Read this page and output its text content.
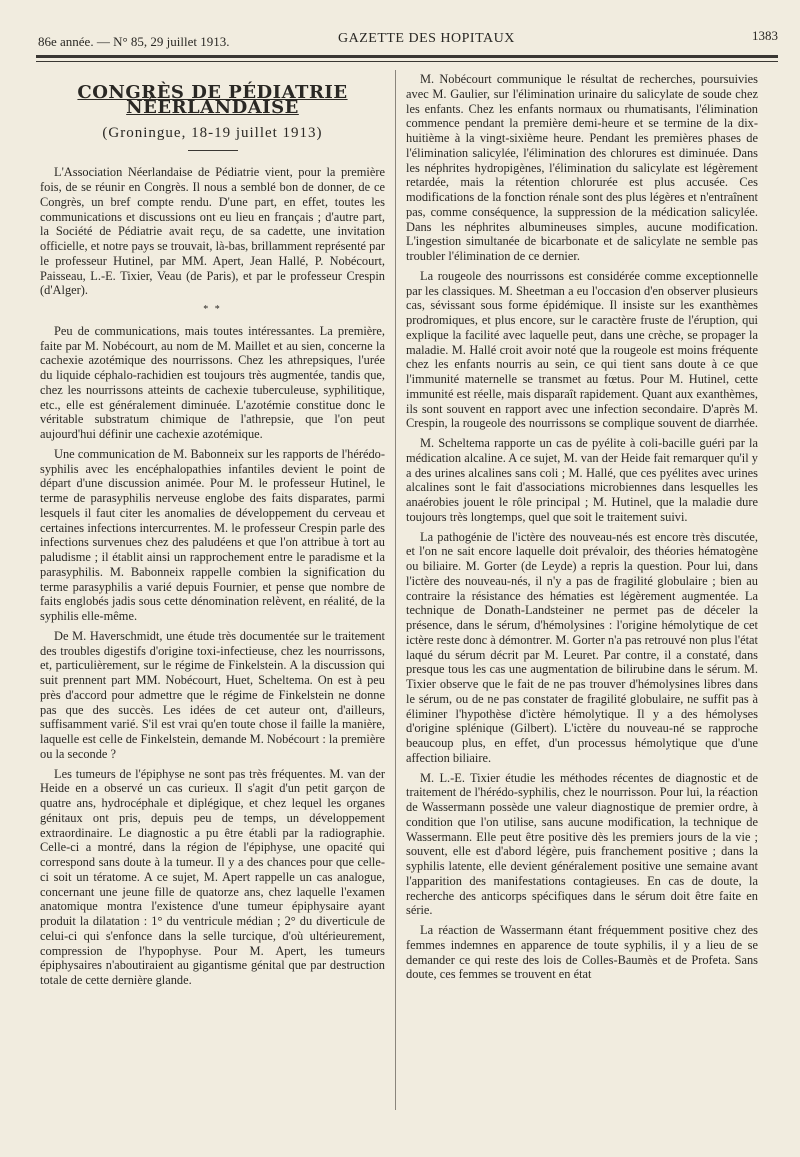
86e année. — N° 85, 29 juillet 1913.	GAZETTE DES HOPITAUX	1383
CONGRÈS DE PÉDIATRIE NÉERLANDAISE
(Groningue, 18-19 juillet 1913)

L'Association Néerlandaise de Pédiatrie vient, pour la première fois, de se réunir en Congrès. Il nous a semblé bon de donner, de ce Congrès, un bref compte rendu. D'une part, en effet, toutes les communications et discussions ont eu lieu en français ; d'autre part, la Société de Pédiatrie avait reçu, de sa cadette, une invitation officielle, et notre pays se trouvait, là-bas, brillamment représenté par le professeur Hutinel, par MM. Apert, Jean Hallé, P. Nobécourt, Paisseau, L.-E. Tixier, Veau (de Paris), et par le professeur Crespin (d'Alger).

* *

Peu de communications, mais toutes intéressantes. La première, faite par M. Nobécourt, au nom de M. Maillet et au sien, concerne la cachexie azotémique des nourrissons. Chez les athrepsiques, l'urée du liquide céphalo-rachidien est toujours très augmentée, tandis que, chez les nourrissons atteints de cachexie tuberculeuse, syphilitique, etc., elle est généralement diminuée. L'azotémie constitue donc le véritable substratum chimique de l'athrepsie, que l'on peut aujourd'hui définir une cachexie azotémique.

Une communication de M. Babonneix sur les rapports de l'hérédo-syphilis avec les encéphalopathies infantiles devient le point de départ d'une discussion animée. Pour M. le professeur Hutinel, le terme de parasyphilis nerveuse englobe des faits disparates, parmi lesquels il faut citer les anomalies de développement du cerveau et certaines infections intercurrentes. M. le professeur Crespin parle des infections survenues chez des paludéens et que l'on attribue à tort au paludisme ; il établit ainsi un rapprochement entre le paradisme et la parasyphilis. M. Babonneix rappelle combien la signification du terme parasyphilis a varié depuis Fournier, et pense que nombre de faits englobés jadis sous cette dénomination relèvent, en réalité, de la syphilis elle-même.

De M. Haverschmidt, une étude très documentée sur le traitement des troubles digestifs d'origine toxi-infectieuse, chez les nourrissons, et, particulièrement, sur le régime de Finkelstein. A la discussion qui suit prennent part MM. Nobécourt, Huet, Scheltema. On est à peu près d'accord pour admettre que le régime de Finkelstein ne donne pas que des succès. Les idées de cet auteur ont, d'ailleurs, suffisamment varié. S'il est vrai qu'en toute chose il faille la manière, laquelle est celle de Finkelstein, demande M. Nobécourt : la première ou la seconde ?

Les tumeurs de l'épiphyse ne sont pas très fréquentes. M. van der Heide en a observé un cas curieux. Il s'agit d'un petit garçon de quatre ans, hydrocéphale et diplégique, et chez lequel les organes génitaux ont pris, depuis peu de temps, un développement extraordinaire. Le diagnostic a pu être établi par la radiographie. Celle-ci a montré, dans la région de l'épiphyse, une opacité qui correspond sans doute à la tumeur. Il y a des chances pour que celle-ci soit un tératome. A ce sujet, M. Apert rappelle un cas analogue, concernant une jeune fille de quatorze ans, chez laquelle l'examen anatomique montra l'existence d'une tumeur épiphysaire ayant produit la dilatation : 1° du ventricule médian ; 2° du diverticule de celui-ci qui s'enfonce dans la selle turcique, d'où ultérieurement, compression de l'hypophyse. Pour M. Apert, les tumeurs épiphysaires n'aboutiraient au gigantisme génital que par destruction totale de cette dernière glande.

M. Nobécourt communique le résultat de recherches, poursuivies avec M. Gaulier, sur l'élimination urinaire du salicylate de soude chez les enfants. Chez les enfants normaux ou rhumatisants, l'élimination commence pendant la première demi-heure et se termine de la dix-huitième à la vingt-sixième heure. Pendant les premières phases de l'élimination salicylée, l'élimination des chlorures est diminuée. Dans les néphrites hydropigènes, l'élimination du salicylate est légèrement retardée, mais la rétention chlorurée est plus accusée. Ces modifications de la fonction rénale sont des plus légères et n'entraînent pas, comme conséquence, la suppression de la médication salicylée. Dans les néphrites albumineuses simples, aucune modification. L'ingestion simultanée de bicarbonate et de salicylate ne semble pas troubler l'élimination de ce dernier.

La rougeole des nourrissons est considérée comme exceptionnelle par les classiques. M. Sheetman a eu l'occasion d'en observer plusieurs cas, sévissant sous forme épidémique. Il insiste sur les exanthèmes prodromiques, et plus encore, sur le caractère fruste de l'éruption, qui explique la facilité avec laquelle peut, dans une crèche, se propager la maladie. M. Hallé croit avoir noté que la rougeole est moins fréquente chez les enfants nourris au sein, ce qui tient sans doute à ce que l'immunité maternelle se transmet au fœtus. Pour M. Hutinel, cette immunité est réelle, mais disparaît rapidement. Quant aux exanthèmes, ils sont souvent en rapport avec une infection secondaire. D'après M. Crespin, la rougeole des nourrissons se complique souvent de diarrhée.

M. Scheltema rapporte un cas de pyélite à coli-bacille guéri par la médication alcaline. A ce sujet, M. van der Heide fait remarquer qu'il y a des urines alcalines sans coli ; M. Hallé, que ces pyélites avec urines alcalines sont le fait d'associations microbiennes dans lesquelles les anaérobies jouent le rôle principal ; M. Hutinel, que la maladie dure toujours très longtemps, quel que soit le traitement suivi.

La pathogénie de l'ictère des nouveau-nés est encore très discutée, et l'on ne sait encore laquelle doit prévaloir, des théories hématogène ou biliaire. M. Gorter (de Leyde) a repris la question. Pour lui, dans l'ictère des nouveau-nés, il n'y a pas de fragilité globulaire ; bien au contraire la résistance des hématies est légèrement augmentée. La technique de Donath-Landsteiner ne permet pas de déceler la présence, dans le sérum, d'hémolysines : l'origine hémolytique de cet ictère reste donc à démontrer. M. Gorter n'a pas retrouvé non plus l'état laqué du sérum décrit par M. Leuret. Par contre, il a constaté, dans presque tous les cas une augmentation de bilirubine dans le sérum. M. Tixier observe que le fait de ne pas trouver d'hémolysines libres dans le sérum, ou de ne pas constater de fragilité globulaire, ne suffit pas à éliminer l'hypothèse d'ictère hémolytique. Il y a des hémolyses d'origine splénique (Gilbert). L'ictère du nouveau-né se rapproche beaucoup plus, en effet, d'un processus hémolytique que d'une affection biliaire.

M. L.-E. Tixier étudie les méthodes récentes de diagnostic et de traitement de l'hérédo-syphilis, chez le nourrisson. Pour lui, la réaction de Wassermann possède une valeur diagnostique de premier ordre, à condition que l'on utilise, sans aucune modification, la technique de Wassermann. Elle peut être positive dès les premiers jours de la vie ; souvent, elle est d'abord légère, puis franchement positive ; dans la syphilis latente, elle devient généralement positive une semaine avant l'apparition des manifestations contagieuses. En cas de doute, la recherche des anticorps spécifiques dans le sérum doit être faite en série.

La réaction de Wassermann étant fréquemment positive chez des femmes indemnes en apparence de toute syphilis, il y a lieu de se demander ce qui reste des lois de Colles-Baumès et de Profeta. Sans doute, ces femmes se trouvent en état
